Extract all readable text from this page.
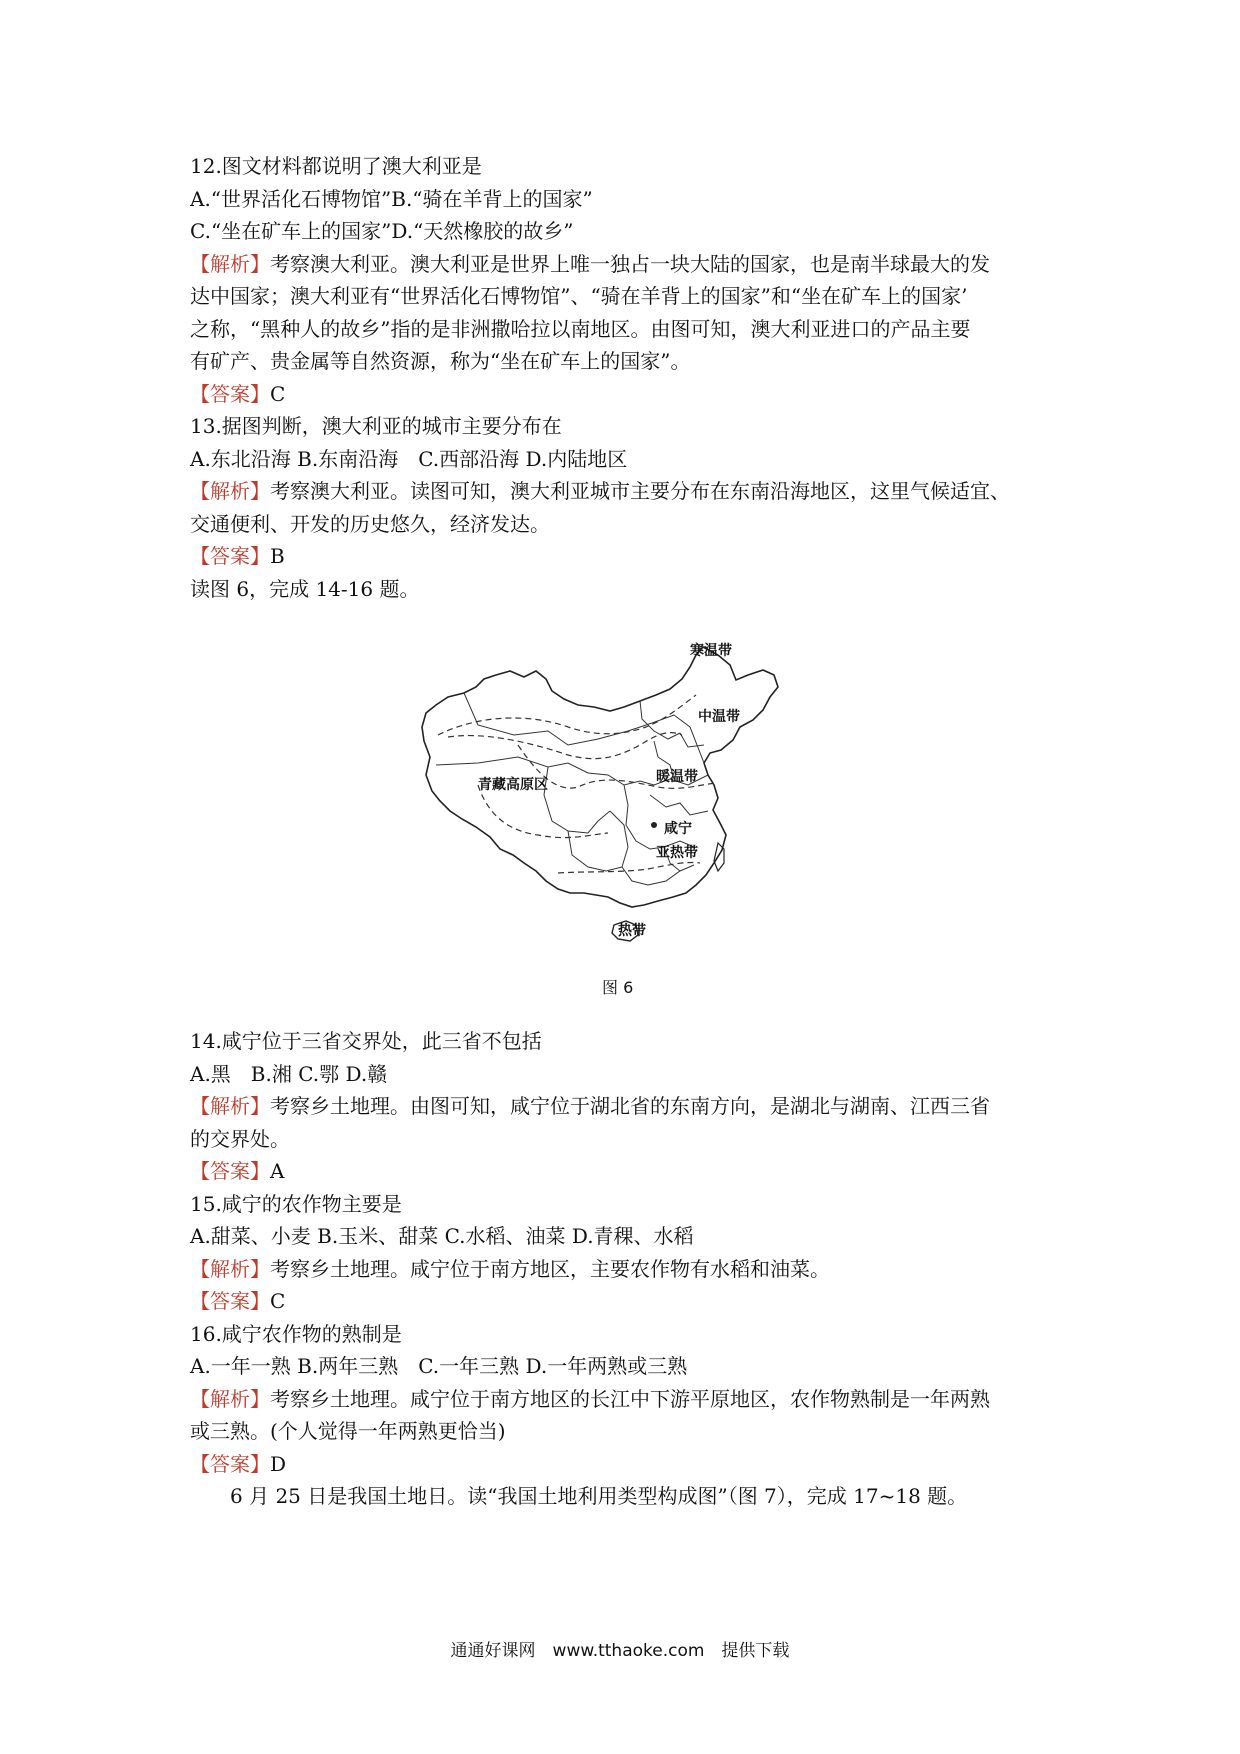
12.图文材料都说明了澳大利亚是

A.“世界活化石博物馆”B.“骑在羊背上的国家”

C.“坐在矿车上的国家”D.“天然橡胶的故乡”

【解析】考察澳大利亚。澳大利亚是世界上唯一独占一块大陆的国家，也是南半球最大的发

达中国家；澳大利亚有“世界活化石博物馆”、“骑在羊背上的国家”和“坐在矿车上的国家’

之称，“黑种人的故乡”指的是非洲撒哈拉以南地区。由图可知，澳大利亚进口的产品主要

有矿产、贵金属等自然资源，称为“坐在矿车上的国家”。

【答案】C

13.据图判断，澳大利亚的城市主要分布在

A.东北沿海 B.东南沿海　C.西部沿海 D.内陆地区

【解析】考察澳大利亚。读图可知，澳大利亚城市主要分布在东南沿海地区，这里气候适宜、

交通便利、开发的历史悠久，经济发达。

【答案】B

读图 6，完成 14-16 题。

14.咸宁位于三省交界处，此三省不包括

A.黑　B.湘 C.鄂 D.赣

【解析】考察乡土地理。由图可知，咸宁位于湖北省的东南方向，是湖北与湖南、江西三省

的交界处。

【答案】A

15.咸宁的农作物主要是

A.甜菜、小麦 B.玉米、甜菜 C.水稻、油菜 D.青稞、水稻

【解析】考察乡土地理。咸宁位于南方地区，主要农作物有水稻和油菜。

【答案】C

16.咸宁农作物的熟制是

A.一年一熟 B.两年三熟　C.一年三熟 D.一年两熟或三熟

【解析】考察乡土地理。咸宁位于南方地区的长江中下游平原地区，农作物熟制是一年两熟

或三熟。(个人觉得一年两熟更恰当)

【答案】D

　　6 月 25 日是我国土地日。读“我国土地利用类型构成图”（图 7），完成 17~18 题。

寒温带
中温带
暖温带
青藏高原区
咸宁
亚热带
热带
图 6
通通好课网　www.tthaoke.com　提供下载
